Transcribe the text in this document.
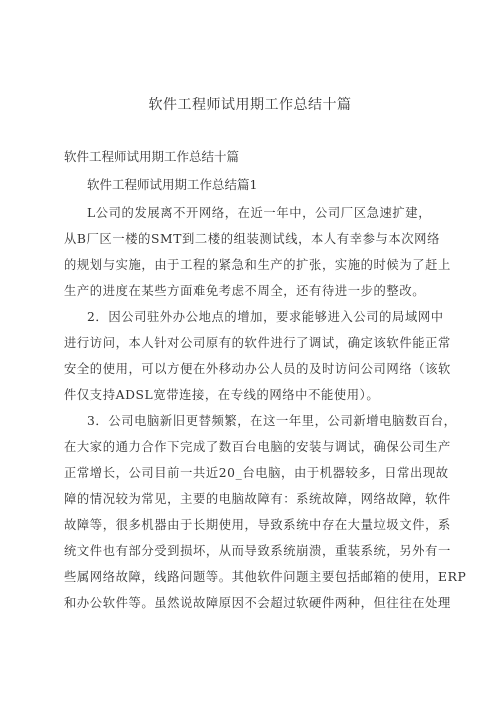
软件工程师试用期工作总结十篇
软件工程师试用期工作总结十篇
软件工程师试用期工作总结篇1
L公司的发展离不开网络，在近一年中，公司厂区急速扩建，
从B厂区一楼的SMT到二楼的组装测试线，本人有幸参与本次网络
的规划与实施，由于工程的紧急和生产的扩张，实施的时候为了赶上
生产的进度在某些方面难免考虑不周全，还有待进一步的整改。
2．因公司驻外办公地点的增加，要求能够进入公司的局域网中
进行访问，本人针对公司原有的软件进行了调试，确定该软件能正常
安全的使用，可以方便在外移动办公人员的及时访问公司网络（该软
件仅支持ADSL宽带连接，在专线的网络中不能使用）。
3．公司电脑新旧更替频繁，在这一年里，公司新增电脑数百台，
在大家的通力合作下完成了数百台电脑的安装与调试，确保公司生产
正常增长，公司目前一共近20_台电脑，由于机器较多，日常出现故
障的情况较为常见，主要的电脑故障有：系统故障，网络故障，软件
故障等，很多机器由于长期使用，导致系统中存在大量垃圾文件，系
统文件也有部分受到损坏，从而导致系统崩溃，重装系统，另外有一
些属网络故障，线路问题等。其他软件问题主要包括邮箱的使用，ERP
和办公软件等。虽然说故障原因不会超过软硬件两种，但往往在处理
